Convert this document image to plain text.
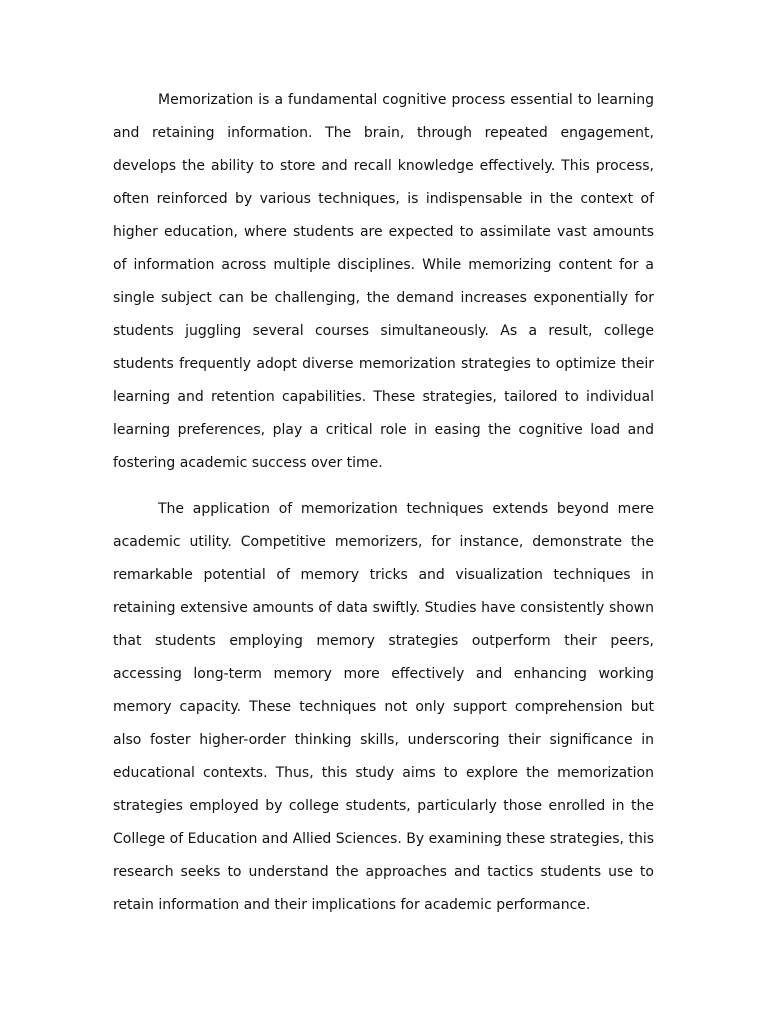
Memorization is a fundamental cognitive process essential to learning and retaining information. The brain, through repeated engagement, develops the ability to store and recall knowledge effectively. This process, often reinforced by various techniques, is indispensable in the context of higher education, where students are expected to assimilate vast amounts of information across multiple disciplines. While memorizing content for a single subject can be challenging, the demand increases exponentially for students juggling several courses simultaneously. As a result, college students frequently adopt diverse memorization strategies to optimize their learning and retention capabilities. These strategies, tailored to individual learning preferences, play a critical role in easing the cognitive load and fostering academic success over time.

The application of memorization techniques extends beyond mere academic utility. Competitive memorizers, for instance, demonstrate the remarkable potential of memory tricks and visualization techniques in retaining extensive amounts of data swiftly. Studies have consistently shown that students employing memory strategies outperform their peers, accessing long-term memory more effectively and enhancing working memory capacity. These techniques not only support comprehension but also foster higher-order thinking skills, underscoring their significance in educational contexts. Thus, this study aims to explore the memorization strategies employed by college students, particularly those enrolled in the College of Education and Allied Sciences. By examining these strategies, this research seeks to understand the approaches and tactics students use to retain information and their implications for academic performance.
